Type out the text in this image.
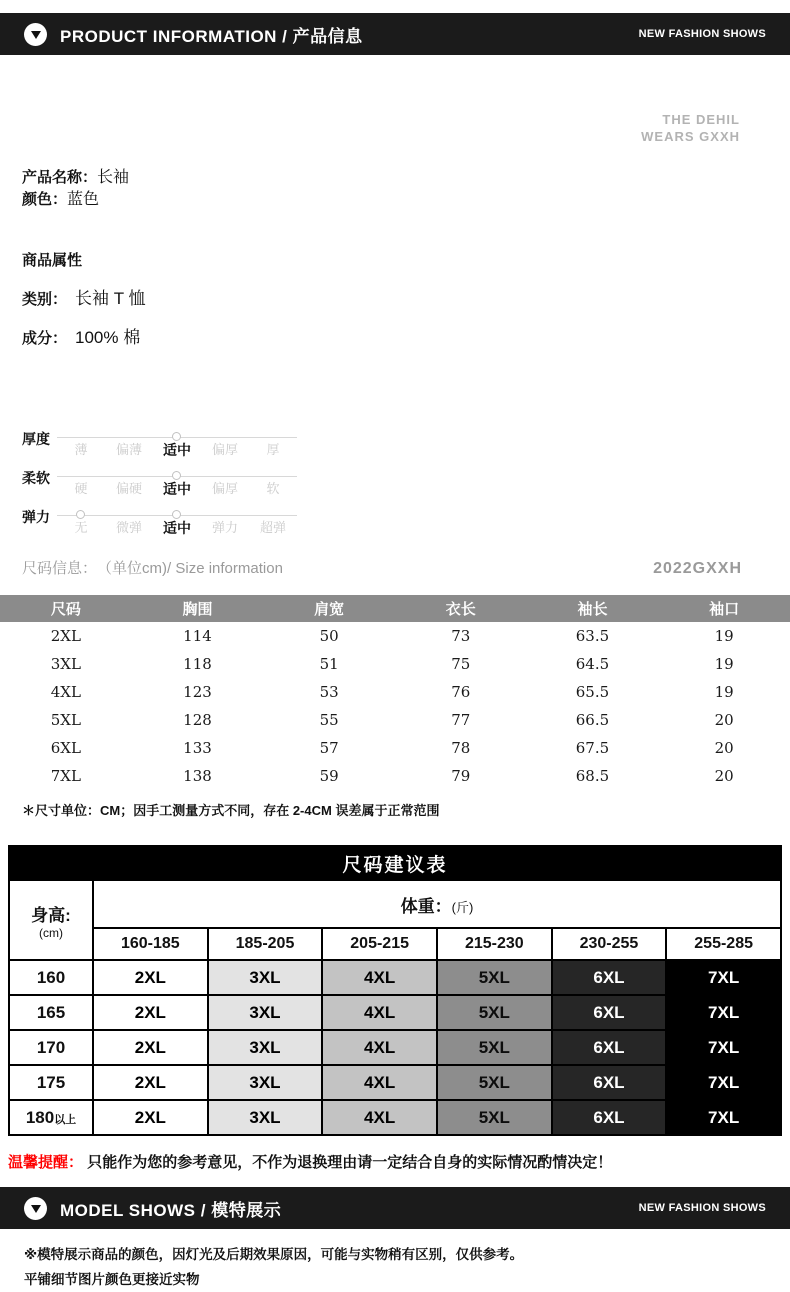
PRODUCT INFORMATION / 产品信息	NEW FASHION SHOWS
THE DEHIL
WEARS GXXH
产品名称：长袖
颜色：蓝色
商品属性
类别： 长袖 T 恤
成分： 100% 棉
厚度
薄	偏薄	适中	偏厚	厚
柔软
硬	偏硬	适中	偏厚	软
弹力
无	微弹	适中	弹力	超弹
尺码信息： （单位cm)/
Size information	2022GXXH
尺码	胸围	肩宽	衣长	袖长	袖口
2XL	114	50	73	63.5	19
3XL	118	51	75	64.5	19
4XL	123	53	76	65.5	19
5XL	128	55	77	66.5	20
6XL	133	57	78	67.5	20
7XL	138	59	79	68.5	20
＊尺寸单位：CM；因手工测量方式不同，存在 2-4CM 误差属于正常范围
尺码建议表						

身高:
(cm)	体重：(斤)					
	160-185	185-205	205-215	215-230	230-255	255-285
160	2XL	3XL	4XL	5XL	6XL	7XL
165	2XL	3XL	4XL	5XL	6XL	7XL
170	2XL	3XL	4XL	5XL	6XL	7XL
175	2XL	3XL	4XL	5XL	6XL	7XL
180以上	2XL	3XL	4XL	5XL	6XL	7XL
温馨提醒： 只能作为您的参考意见，不作为退换理由请一定结合自身的实际情况酌情决定！
MODEL SHOWS / 模特展示	NEW FASHION SHOWS
※模特展示商品的颜色，因灯光及后期效果原因，可能与实物稍有区别，仅供参考。
平铺细节图片颜色更接近实物
